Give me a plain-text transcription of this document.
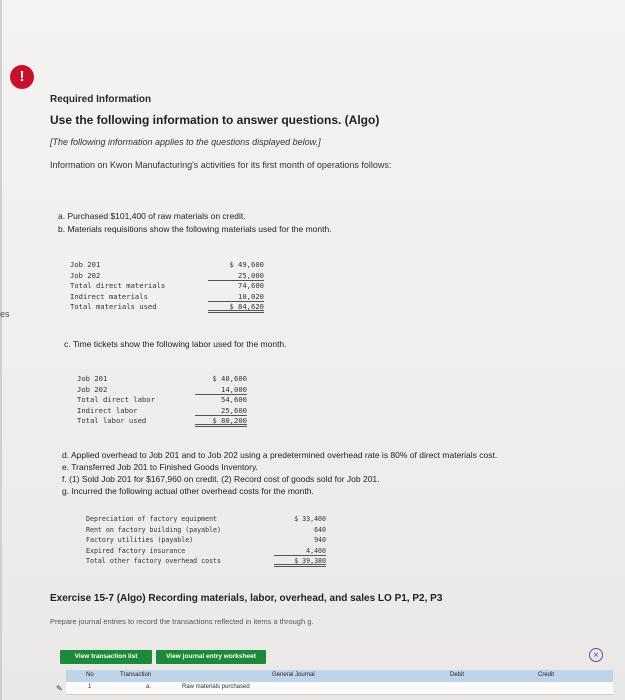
es
!
Required Information
Use the following information to answer questions. (Algo)
[The following information applies to the questions displayed below.]
Information on Kwon Manufacturing's activities for its first month of operations follows:
a. Purchased $101,400 of raw materials on credit.
b. Materials requisitions show the following materials used for the month.
Job 201	$ 49,600
Job 202	25,000
Total direct materials	74,600
Indirect materials	10,020
Total materials used	$ 84,620
c. Time tickets show the following labor used for the month.
Job 201	$ 40,600
Job 202	14,000
Total direct labor	54,600
Indirect labor	25,600
Total labor used	$ 80,200
d. Applied overhead to Job 201 and to Job 202 using a predetermined overhead rate is 80% of direct materials cost.
e. Transferred Job 201 to Finished Goods Inventory.
f. (1) Sold Job 201 for $167,960 on credit. (2) Record cost of goods sold for Job 201.
g. Incurred the following actual other overhead costs for the month.
Depreciation of factory equipment	$ 33,400
Rent on factory building (payable)	640
Factory utilities (payable)	940
Expired factory insurance	4,400
Total other factory overhead costs	$ 39,380
Exercise 15-7 (Algo) Recording materials, labor, overhead, and sales LO P1, P2, P3
Prepare journal entries to record the transactions reflected in items a through g.
View transaction list	View journal entry worksheet	×
No	Transaction	General Journal	Debit	Credit
✎	1	a.	Raw materials purchased
